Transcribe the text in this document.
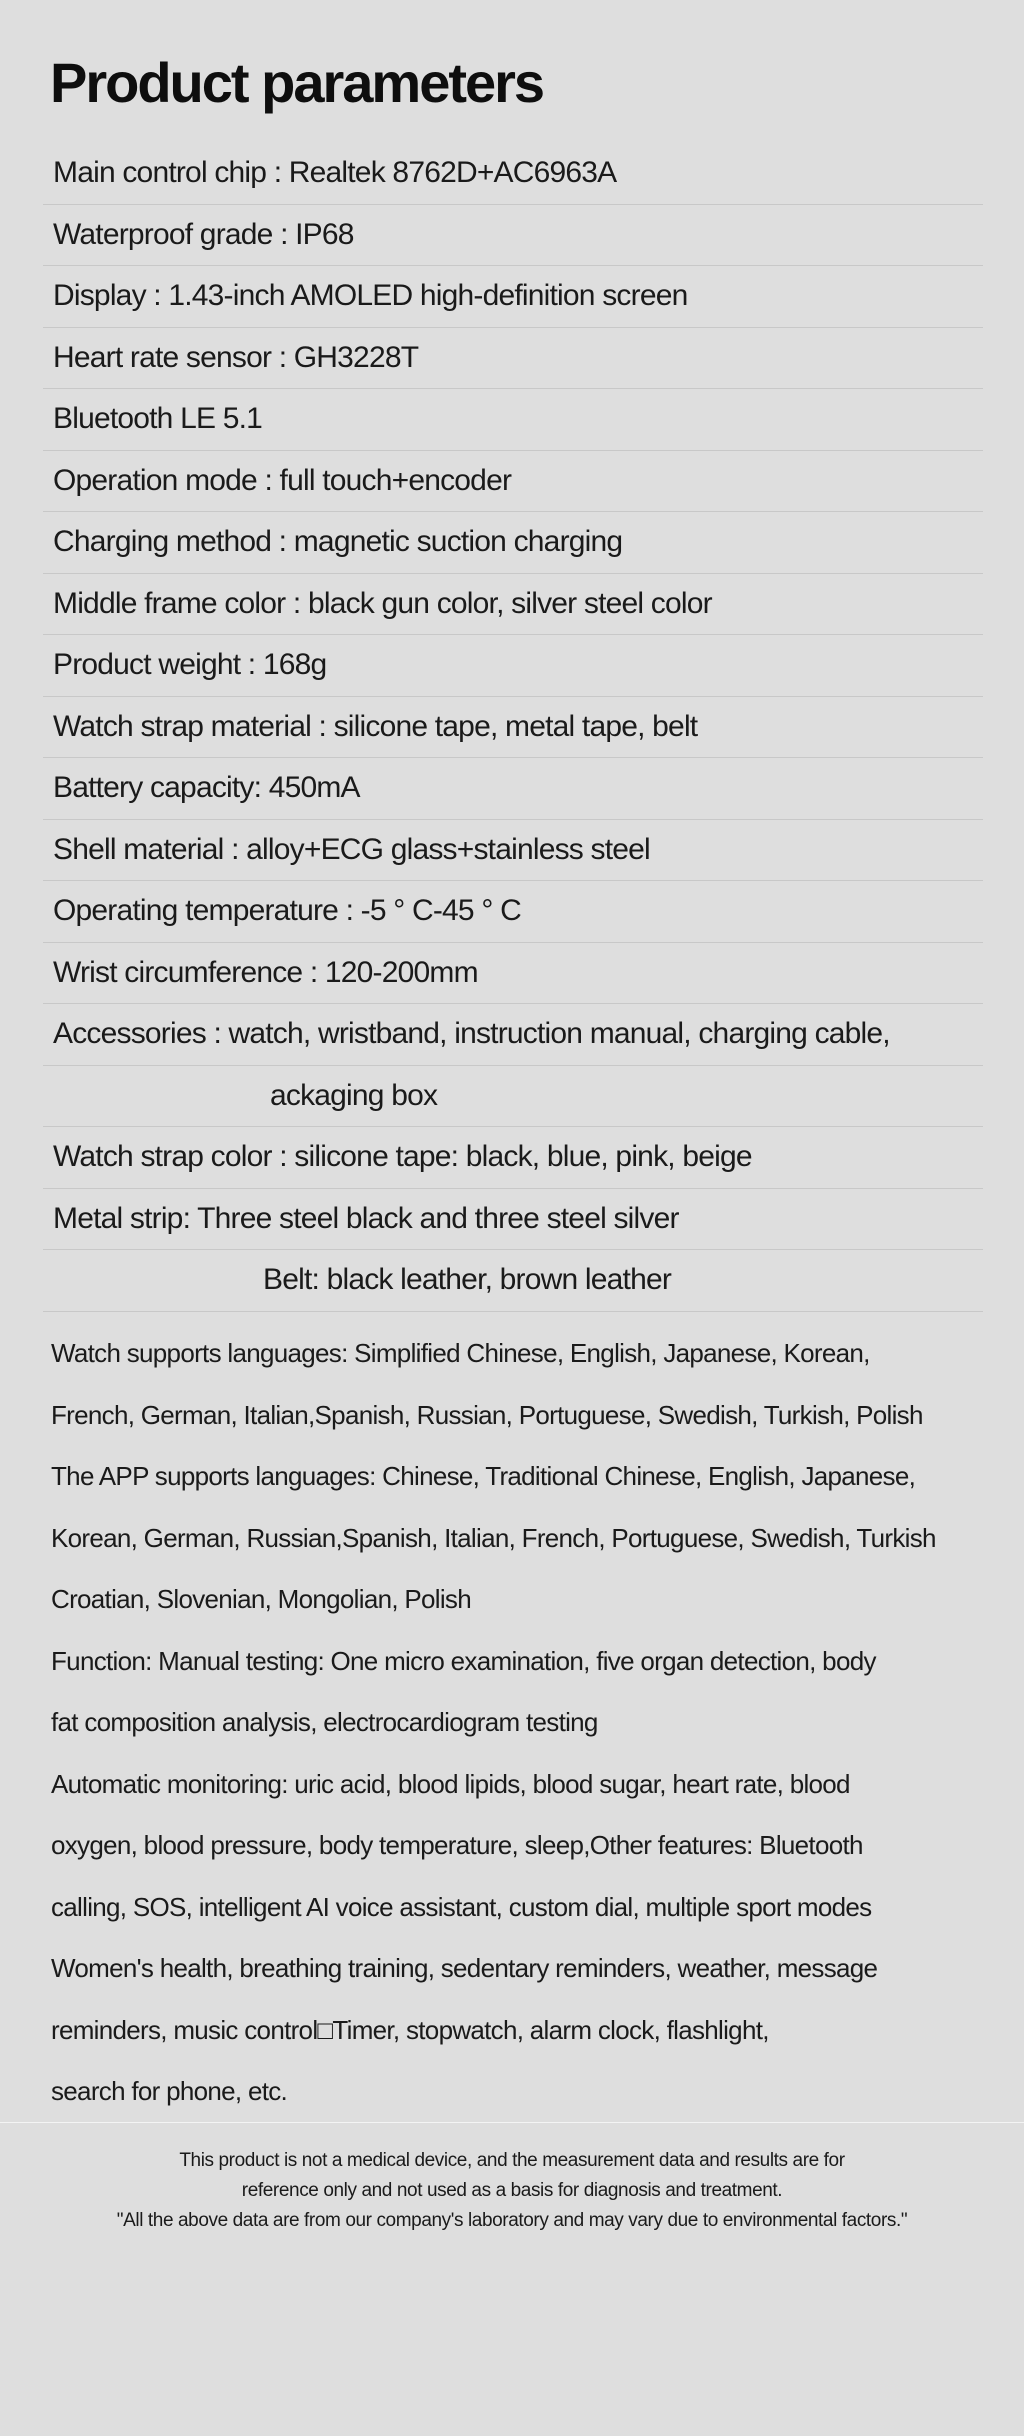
Product parameters
Main control chip : Realtek 8762D+AC6963A
Waterproof grade : IP68
Display : 1.43-inch AMOLED high-definition screen
Heart rate sensor : GH3228T
Bluetooth LE 5.1
Operation mode : full touch+encoder
Charging method : magnetic suction charging
Middle frame color : black gun color, silver steel color
Product weight : 168g
Watch strap material : silicone tape, metal tape, belt
Battery capacity: 450mA
Shell material : alloy+ECG glass+stainless steel
Operating temperature : -5 ° C-45 ° C
Wrist circumference : 120-200mm
Accessories : watch, wristband, instruction manual, charging cable,
ackaging box
Watch strap color : silicone tape: black, blue, pink, beige
Metal strip: Three steel black and three steel silver
Belt: black leather, brown leather
Watch supports languages: Simplified Chinese, English, Japanese, Korean,
French, German, Italian,Spanish, Russian, Portuguese, Swedish, Turkish, Polish
The APP supports languages: Chinese, Traditional Chinese, English, Japanese,
Korean, German, Russian,Spanish, Italian, French, Portuguese, Swedish, Turkish
Croatian, Slovenian, Mongolian, Polish
Function: Manual testing: One micro examination, five organ detection, body
fat composition analysis, electrocardiogram testing
Automatic monitoring: uric acid, blood lipids, blood sugar, heart rate, blood
oxygen, blood pressure, body temperature, sleep,Other features: Bluetooth
calling, SOS, intelligent AI voice assistant, custom dial, multiple sport modes
Women's health, breathing training, sedentary reminders, weather, message
reminders, music control□Timer, stopwatch, alarm clock, flashlight,
search for phone, etc.
This product is not a medical device, and the measurement data and results are for
reference only and not used as a basis for diagnosis and treatment.
"All the above data are from our company's laboratory and may vary due to environmental factors."
